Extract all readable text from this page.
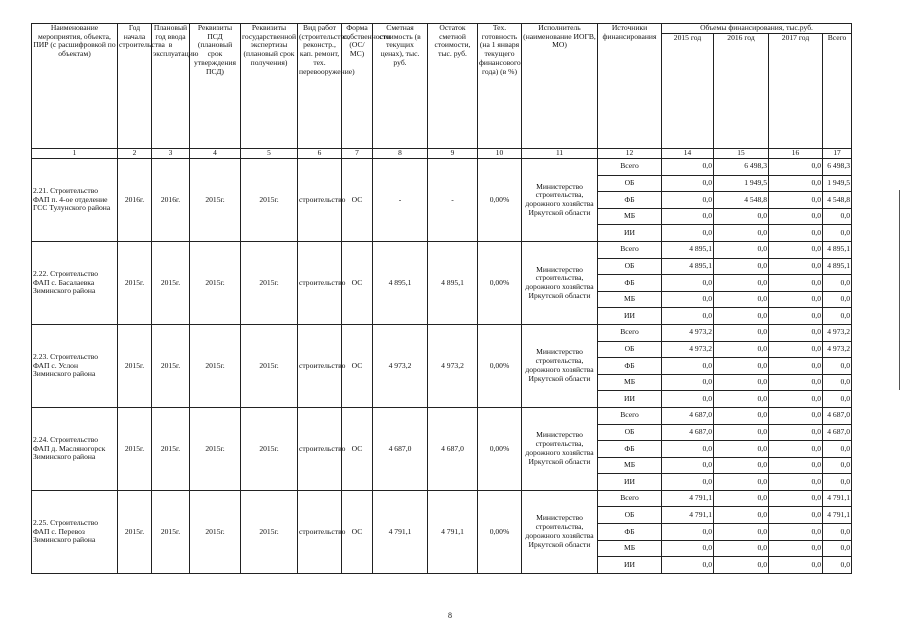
Наименование мероприятия, объекта, ПИР (с расшифровкой по объектам)	Год начала строительства	Плановый год ввода в эксплуатацию	Реквизиты ПСД (плановый срок утверждения ПСД)	Реквизиты государственной экспертизы (плановый срок получения)	Вид работ (строительство, реконстр., кап. ремонт, тех. перевооружение)	Форма собственности (ОС/МС)	Сметная стоимость (в текущих ценах), тыс. руб.	Остаток сметной стоимости, тыс. руб.	Тех. готовность (на 1 января текущего финансового года) (в %)	Исполнитель (наименование ИОГВ, МО)	Источники финансирования	Объемы финансирования, тыс.руб.			
												2015 год	2016 год	2017 год	Всего
1	2	3	4	5	6	7	8	9	10	11	12	14	15	16	17
2.21. Строительство ФАП п. 4-ое отделение ГСС Тулунского района	2016г.	2016г.	2015г.	2015г.	строительство	ОС	-	-	0,00%	Министерство строительства, дорожного хозяйства Иркутской области	Всего	0,0	6 498,3	0,0	6 498,3
											ОБ	0,0	1 949,5	0,0	1 949,5
											ФБ	0,0	4 548,8	0,0	4 548,8
											МБ	0,0	0,0	0,0	0,0
											ИИ	0,0	0,0	0,0	0,0
2.22. Строительство ФАП с. Басалаевка Зиминского района	2015г.	2015г.	2015г.	2015г.	строительство	ОС	4 895,1	4 895,1	0,00%	Министерство строительства, дорожного хозяйства Иркутской области	Всего	4 895,1	0,0	0,0	4 895,1
											ОБ	4 895,1	0,0	0,0	4 895,1
											ФБ	0,0	0,0	0,0	0,0
											МБ	0,0	0,0	0,0	0,0
											ИИ	0,0	0,0	0,0	0,0
2.23. Строительство ФАП с. Услон Зиминского района	2015г.	2015г.	2015г.	2015г.	строительство	ОС	4 973,2	4 973,2	0,00%	Министерство строительства, дорожного хозяйства Иркутской области	Всего	4 973,2	0,0	0,0	4 973,2
											ОБ	4 973,2	0,0	0,0	4 973,2
											ФБ	0,0	0,0	0,0	0,0
											МБ	0,0	0,0	0,0	0,0
											ИИ	0,0	0,0	0,0	0,0
2.24. Строительство ФАП д. Масляногорск Зиминского района	2015г.	2015г.	2015г.	2015г.	строительство	ОС	4 687,0	4 687,0	0,00%	Министерство строительства, дорожного хозяйства Иркутской области	Всего	4 687,0	0,0	0,0	4 687,0
											ОБ	4 687,0	0,0	0,0	4 687,0
											ФБ	0,0	0,0	0,0	0,0
											МБ	0,0	0,0	0,0	0,0
											ИИ	0,0	0,0	0,0	0,0
2.25. Строительство ФАП с. Перевоз Зиминского района	2015г.	2015г.	2015г.	2015г.	строительство	ОС	4 791,1	4 791,1	0,00%	Министерство строительства, дорожного хозяйства Иркутской области	Всего	4 791,1	0,0	0,0	4 791,1
											ОБ	4 791,1	0,0	0,0	4 791,1
											ФБ	0,0	0,0	0,0	0,0
											МБ	0,0	0,0	0,0	0,0
											ИИ	0,0	0,0	0,0	0,0
8
